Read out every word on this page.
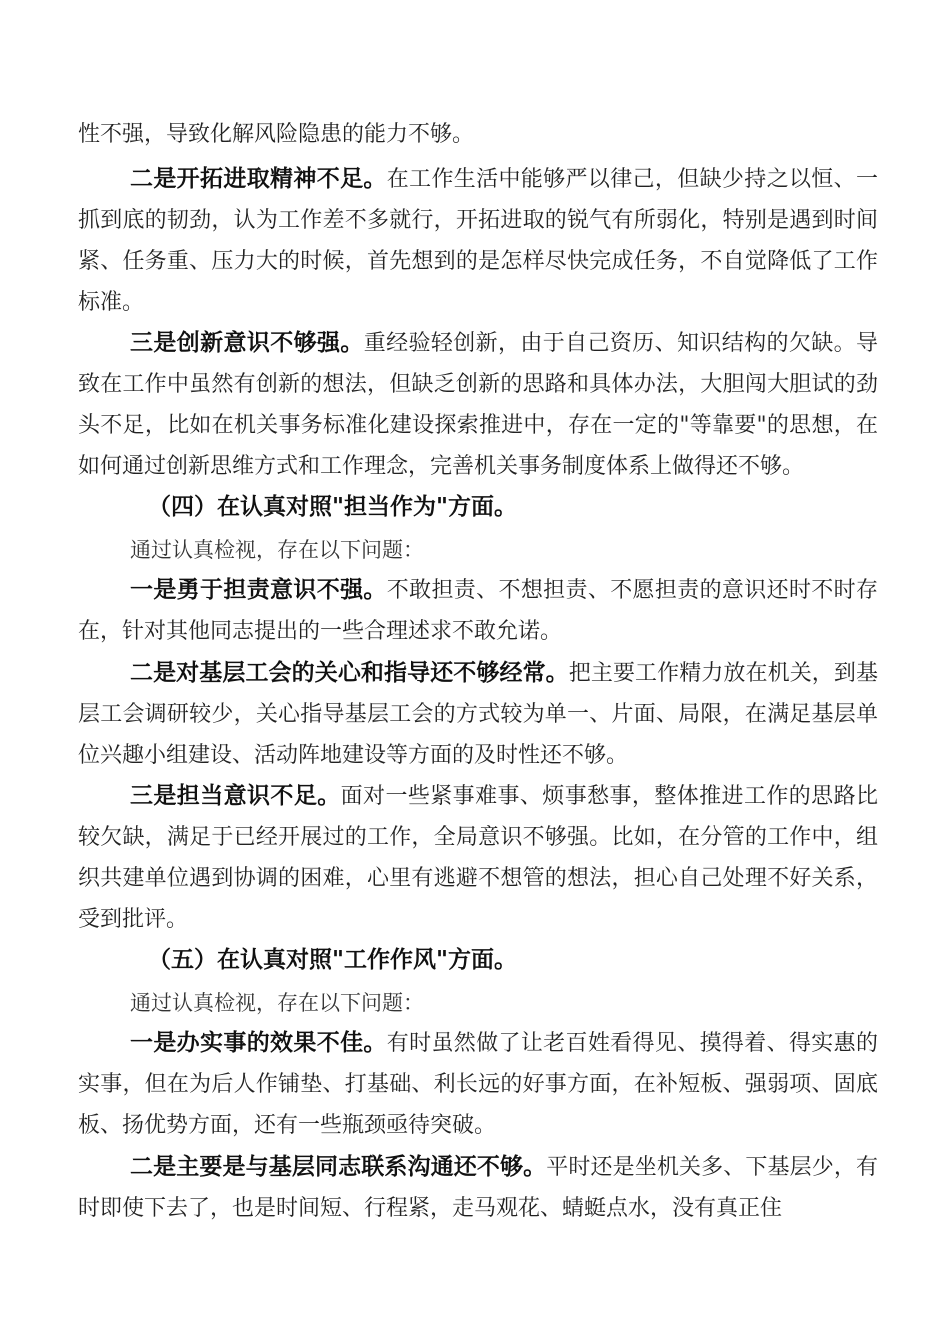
性不强，导致化解风险隐患的能力不够。

二是开拓进取精神不足。在工作生活中能够严以律己，但缺少持之以恒、一抓到底的韧劲，认为工作差不多就行，开拓进取的锐气有所弱化，特别是遇到时间紧、任务重、压力大的时候，首先想到的是怎样尽快完成任务，不自觉降低了工作标准。

三是创新意识不够强。重经验轻创新，由于自己资历、知识结构的欠缺。导致在工作中虽然有创新的想法，但缺乏创新的思路和具体办法，大胆闯大胆试的劲头不足，比如在机关事务标准化建设探索推进中，存在一定的"等靠要"的思想，在如何通过创新思维方式和工作理念，完善机关事务制度体系上做得还不够。

（四）在认真对照"担当作为"方面。

通过认真检视，存在以下问题：

一是勇于担责意识不强。不敢担责、不想担责、不愿担责的意识还时不时存在，针对其他同志提出的一些合理述求不敢允诺。

二是对基层工会的关心和指导还不够经常。把主要工作精力放在机关，到基层工会调研较少，关心指导基层工会的方式较为单一、片面、局限，在满足基层单位兴趣小组建设、活动阵地建设等方面的及时性还不够。

三是担当意识不足。面对一些紧事难事、烦事愁事，整体推进工作的思路比较欠缺，满足于已经开展过的工作，全局意识不够强。比如，在分管的工作中，组织共建单位遇到协调的困难，心里有逃避不想管的想法，担心自己处理不好关系，受到批评。

（五）在认真对照"工作作风"方面。

通过认真检视，存在以下问题：

一是办实事的效果不佳。有时虽然做了让老百姓看得见、摸得着、得实惠的实事，但在为后人作铺垫、打基础、利长远的好事方面，在补短板、强弱项、固底板、扬优势方面，还有一些瓶颈亟待突破。

二是主要是与基层同志联系沟通还不够。平时还是坐机关多、下基层少，有时即使下去了，也是时间短、行程紧，走马观花、蜻蜓点水，没有真正住
